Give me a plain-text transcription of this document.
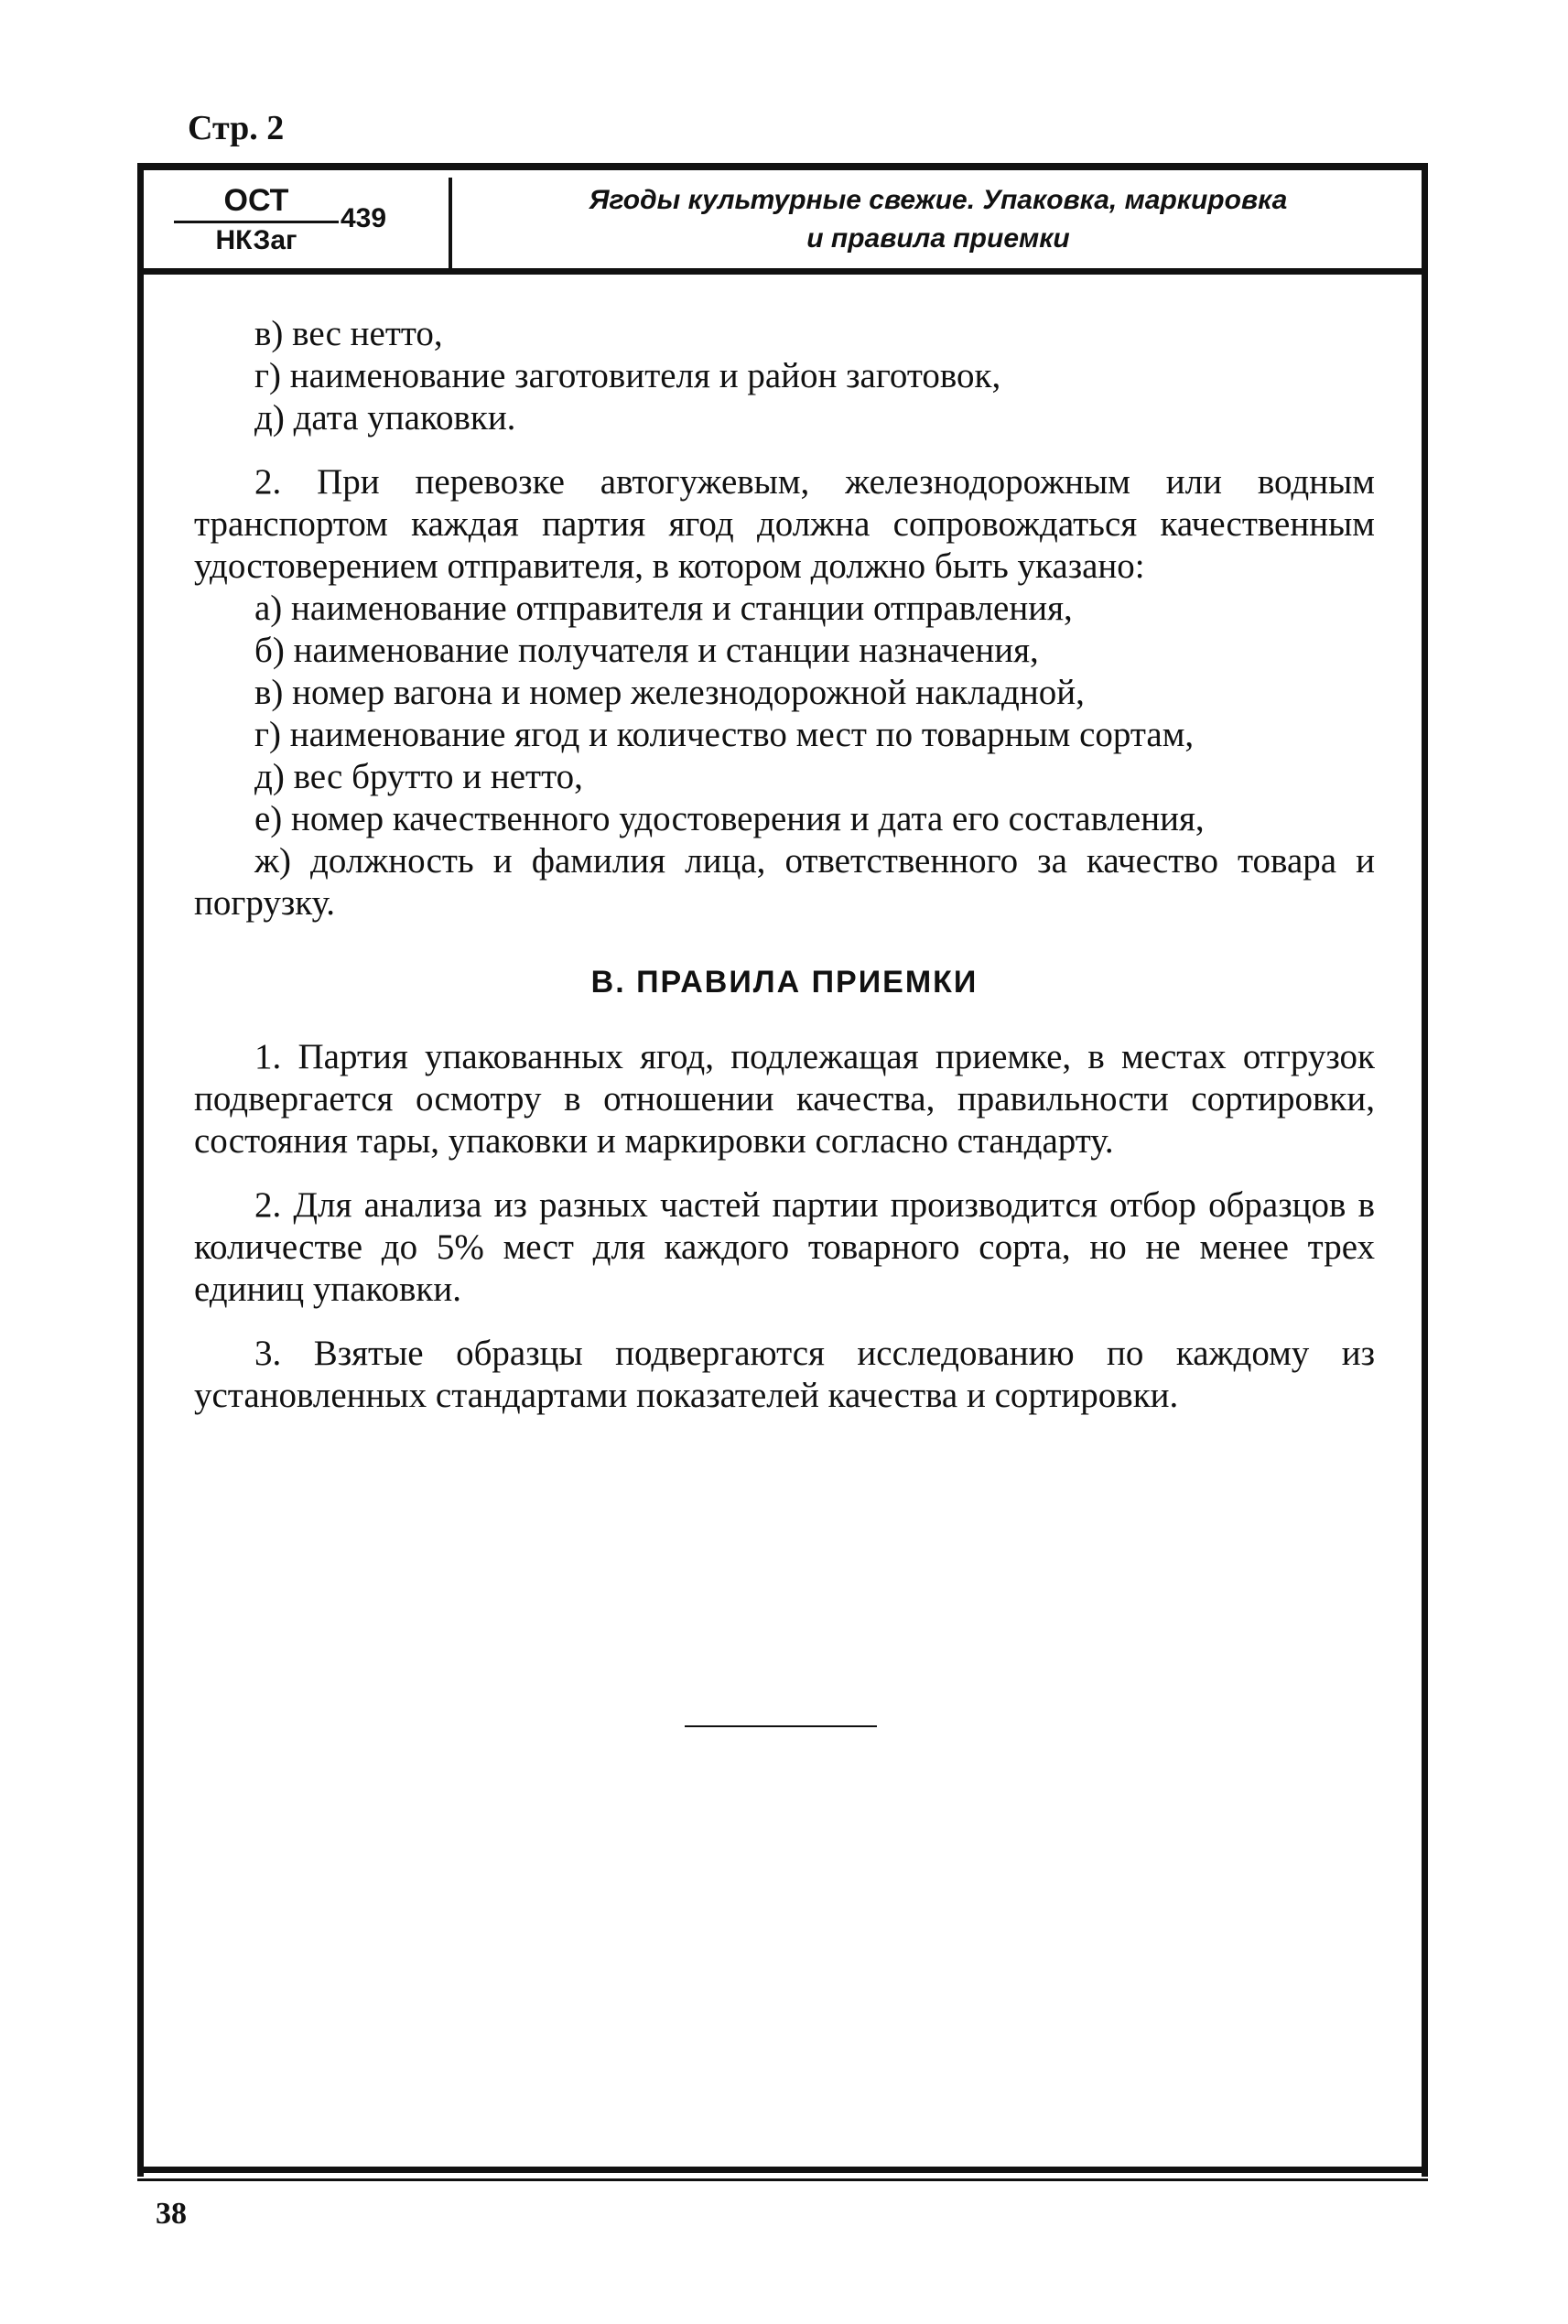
Стр. 2
ОСТ
НКЗаг
439
Ягоды культурные свежие. Упаковка, маркировка
и правила приемки

в) вес нетто,

г) наименование заготовителя и район заготовок,

д) дата упаковки.

2. При перевозке автогужевым, железнодорожным или водным транспортом каждая партия ягод должна сопровождаться качественным удостоверением отправителя, в котором должно быть указано:

а) наименование отправителя и станции отправления,

б) наименование получателя и станции назначения,

в) номер вагона и номер железнодорожной накладной,

г) наименование ягод и количество мест по товарным сортам,

д) вес брутто и нетто,

е) номер качественного удостоверения и дата его составления,

ж) должность и фамилия лица, ответственного за качество товара и погрузку.

В. ПРАВИЛА ПРИЕМКИ

1. Партия упакованных ягод, подлежащая приемке, в местах отгрузок подвергается осмотру в отношении качества, правильности сортировки, состояния тары, упаковки и маркировки согласно стандарту.

2. Для анализа из разных частей партии производится отбор образцов в количестве до 5% мест для каждого товарного сорта, но не менее трех единиц упаковки.

3. Взятые образцы подвергаются исследованию по каждому из установленных стандартами показателей качества и сортировки.

38
